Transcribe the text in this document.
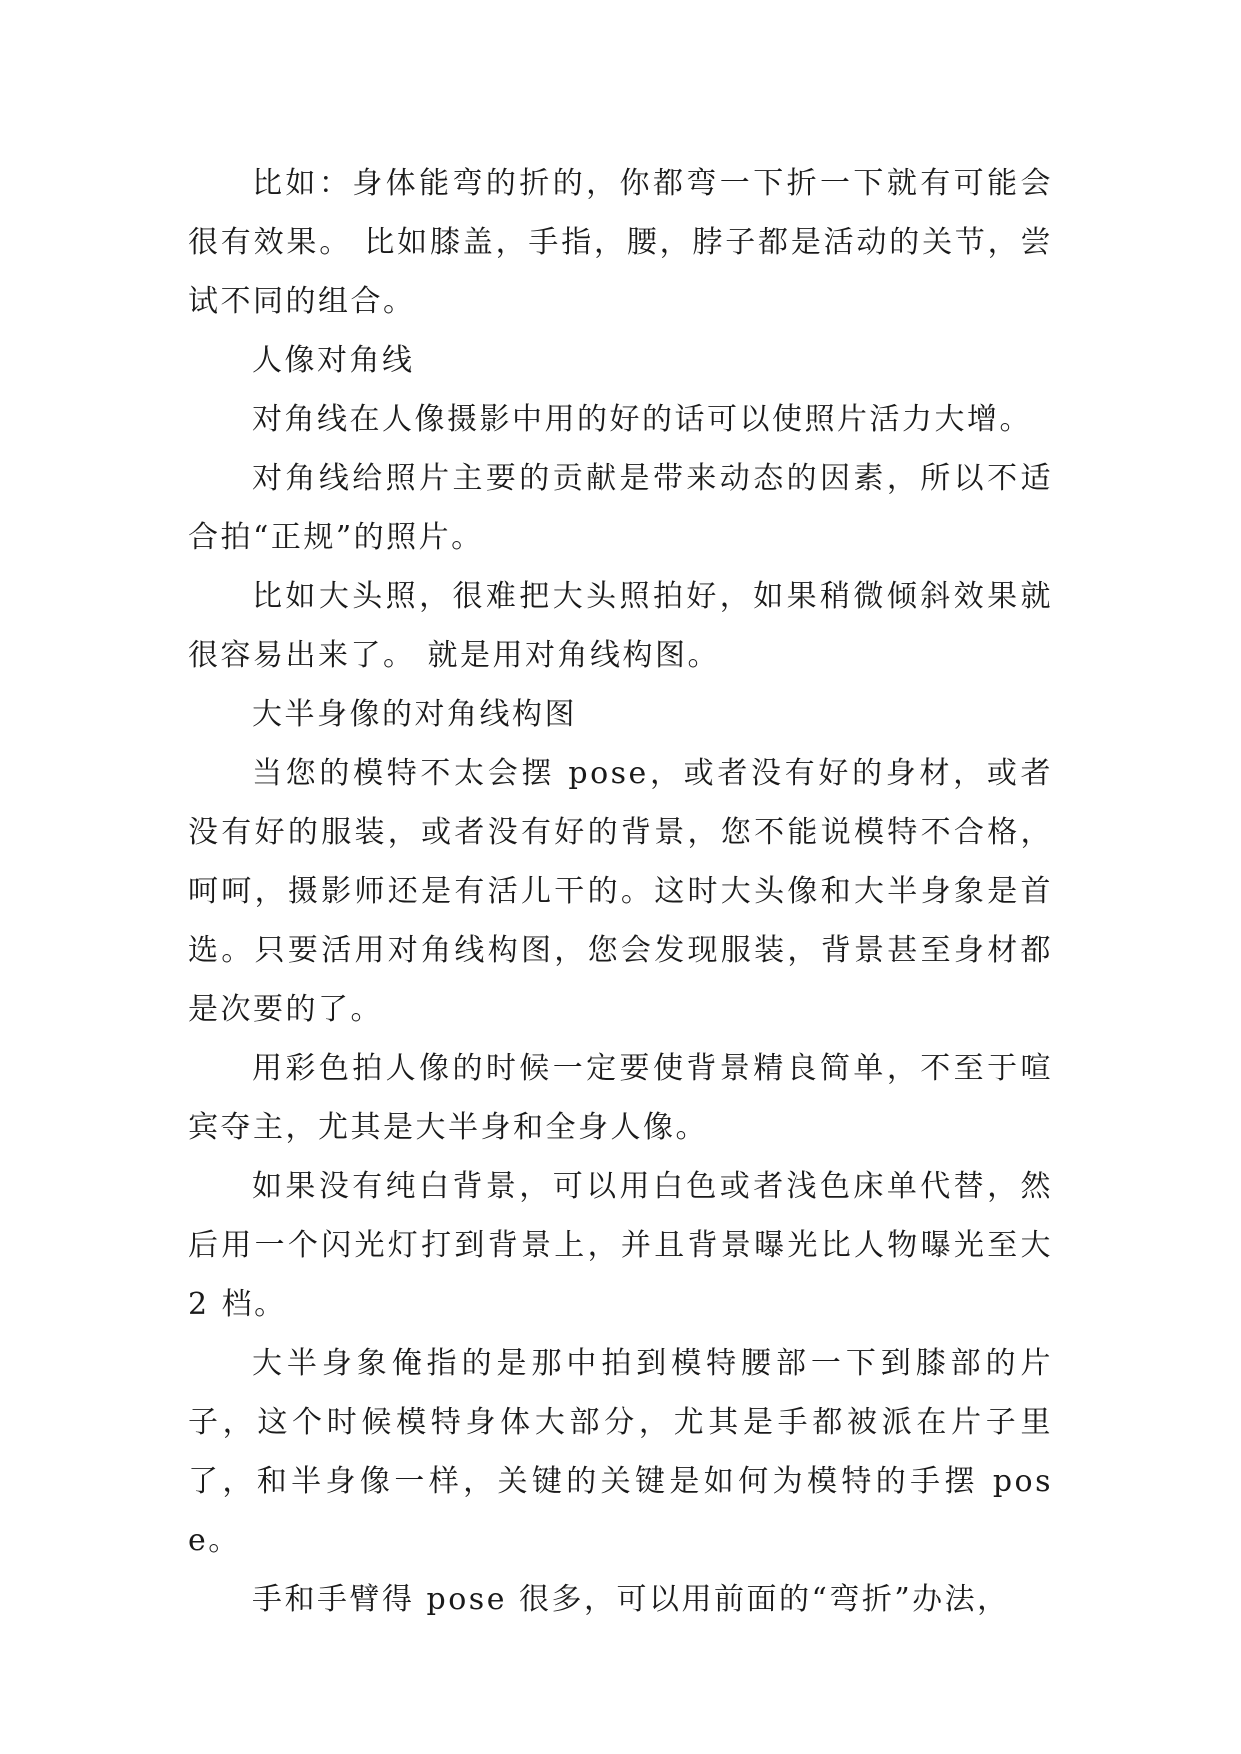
比如：身体能弯的折的，你都弯一下折一下就有可能会很有效果。 比如膝盖，手指，腰，脖子都是活动的关节，尝试不同的组合。

人像对角线

对角线在人像摄影中用的好的话可以使照片活力大增。

对角线给照片主要的贡献是带来动态的因素，所以不适合拍“正规”的照片。

比如大头照，很难把大头照拍好，如果稍微倾斜效果就很容易出来了。 就是用对角线构图。

大半身像的对角线构图

当您的模特不太会摆 pose，或者没有好的身材，或者没有好的服装，或者没有好的背景，您不能说模特不合格，呵呵，摄影师还是有活儿干的。这时大头像和大半身象是首选。只要活用对角线构图，您会发现服装，背景甚至身材都是次要的了。

用彩色拍人像的时候一定要使背景精良简单，不至于喧宾夺主，尤其是大半身和全身人像。

如果没有纯白背景，可以用白色或者浅色床单代替，然后用一个闪光灯打到背景上，并且背景曝光比人物曝光至大 2 档。

大半身象俺指的是那中拍到模特腰部一下到膝部的片子，这个时候模特身体大部分，尤其是手都被派在片子里了，和半身像一样，关键的关键是如何为模特的手摆 pose。

手和手臂得 pose 很多，可以用前面的“弯折”办法，
